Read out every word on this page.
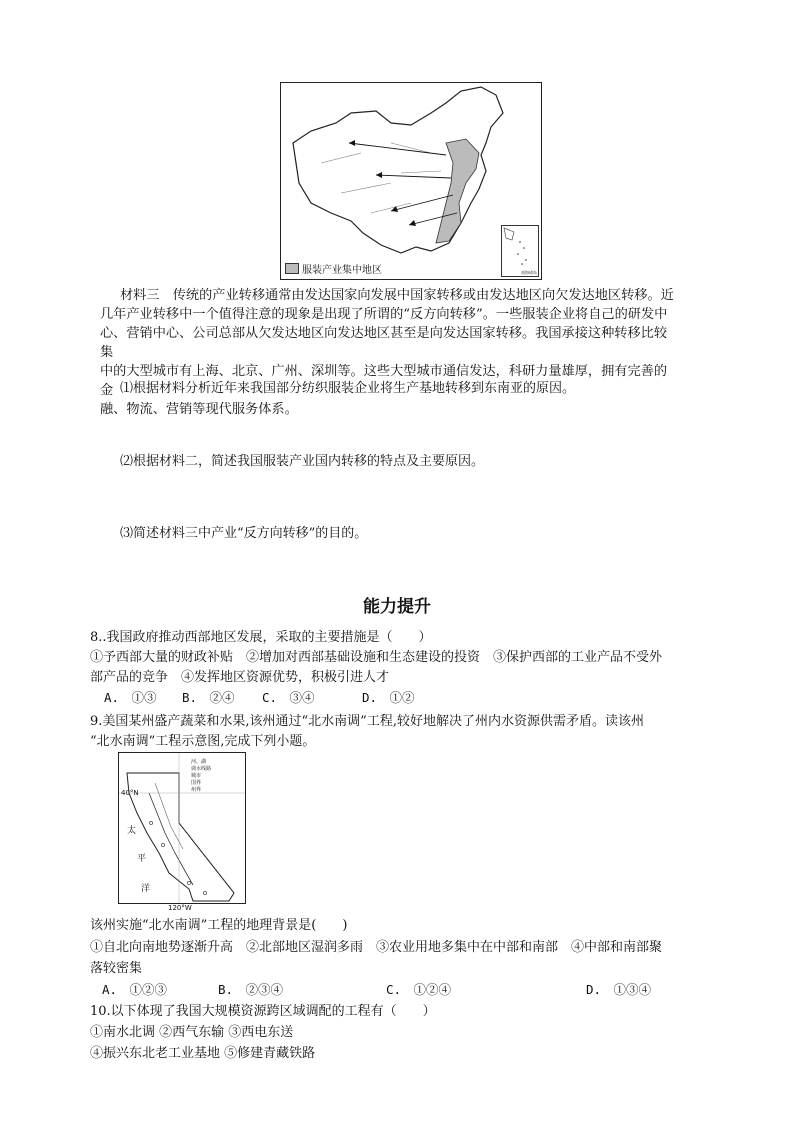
服装产业集中地区	南海诸岛
材料三　传统的产业转移通常由发达国家向发展中国家转移或由发达地区向欠发达地区转移。近
几年产业转移中一个值得注意的现象是出现了所谓的“反方向转移”。一些服装企业将自己的研发中
心、营销中心、公司总部从欠发达地区向发达地区甚至是向发达国家转移。我国承接这种转移比较集
中的大型城市有上海、北京、广州、深圳等。这些大型城市通信发达，科研力量雄厚，拥有完善的金
融、物流、营销等现代服务体系。
⑴根据材料分析近年来我国部分纺织服装企业将生产基地转移到东南亚的原因。
⑵根据材料二，简述我国服装产业国内转移的特点及主要原因。
⑶简述材料三中产业“反方向转移”的目的。
能力提升
8..我国政府推动西部地区发展，采取的主要措施是（　　）
①予西部大量的财政补贴　②增加对西部基础设施和生态建设的投资　③保护西部的工业产品不受外
部产品的竞争　④发挥地区资源优势，积极引进人才
A.　①③ B.　②④ C.　③④	D.　①②
9.美国某州盛产蔬菜和水果,该州通过“北水南调”工程,较好地解决了州内水资源供需矛盾。读该州
“北水南调”工程示意图,完成下列小题。
河、湖
调水线路
城市
国界
州界
40°N
太
平
洋
120°W
该州实施“北水南调”工程的地理背景是(　　)
①自北向南地势逐渐升高　②北部地区湿润多雨　③农业用地多集中在中部和南部　④中部和南部聚
落较密集
A.　①②③	B.　②③④	C.　①②④	D.　①③④
10.以下体现了我国大规模资源跨区域调配的工程有（　　）
①南水北调 ②西气东输 ③西电东送
④振兴东北老工业基地 ⑤修建青藏铁路
